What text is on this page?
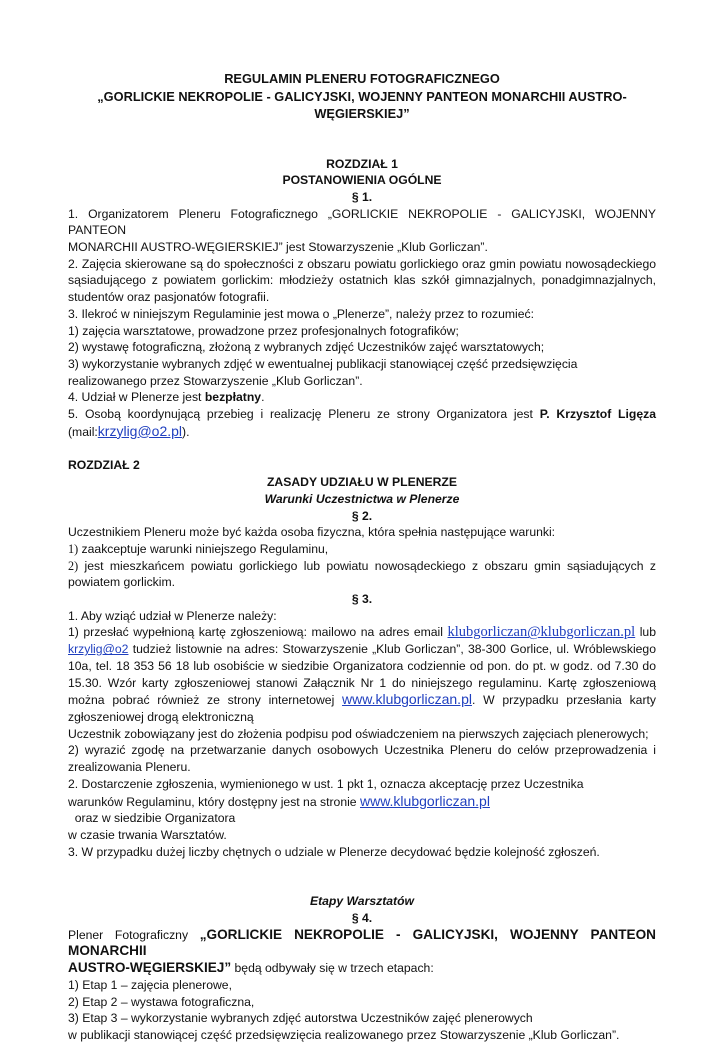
REGULAMIN PLENERU FOTOGRAFICZNEGO

„GORLICKIE NEKROPOLIE - GALICYJSKI, WOJENNY PANTEON MONARCHII AUSTRO-WĘGIERSKIEJ”

ROZDZIAŁ 1

POSTANOWIENIA OGÓLNE

§ 1.

1. Organizatorem Pleneru Fotograficznego „GORLICKIE NEKROPOLIE - GALICYJSKI, WOJENNY PANTEON

MONARCHII AUSTRO-WĘGIERSKIEJ” jest Stowarzyszenie „Klub Gorliczan”.

2. Zajęcia skierowane są do społeczności z obszaru powiatu gorlickiego oraz gmin powiatu nowosądeckiego

sąsiadującego z powiatem gorlickim: młodzieży ostatnich klas szkół gimnazjalnych, ponadgimnazjalnych,

studentów oraz pasjonatów fotografii.

3. Ilekroć w niniejszym Regulaminie jest mowa o „Plenerze”, należy przez to rozumieć:

1) zajęcia warsztatowe, prowadzone przez profesjonalnych fotografików;

2) wystawę fotograficzną, złożoną z wybranych zdjęć Uczestników zajęć warsztatowych;

3) wykorzystanie wybranych zdjęć w ewentualnej publikacji stanowiącej część przedsięwzięcia

realizowanego przez Stowarzyszenie „Klub Gorliczan”.

4. Udział w Plenerze jest bezpłatny.

5. Osobą koordynującą przebieg i realizację Pleneru ze strony Organizatora jest P. Krzysztof Ligęza

(mail:krzylig@o2.pl).

ROZDZIAŁ 2

ZASADY UDZIAŁU W PLENERZE

Warunki Uczestnictwa w Plenerze

§ 2.

Uczestnikiem Pleneru może być każda osoba fizyczna, która spełnia następujące warunki:

1) zaakceptuje warunki niniejszego Regulaminu,

2) jest mieszkańcem powiatu gorlickiego lub powiatu nowosądeckiego z obszaru gmin sąsiadujących z

powiatem gorlickim.

§ 3.

1. Aby wziąć udział w Plenerze należy:

1) przesłać wypełnioną kartę zgłoszeniową: mailowo na adres email klubgorliczan@klubgorliczan.pl lub

krzylig@o2 tudzież listownie na adres: Stowarzyszenie „Klub Gorliczan”, 38-300 Gorlice, ul. Wróblewskiego

10a, tel. 18 353 56 18 lub osobiście w siedzibie Organizatora codziennie od pon. do pt. w godz. od 7.30 do

15.30. Wzór karty zgłoszeniowej stanowi Załącznik Nr 1 do niniejszego regulaminu. Kartę zgłoszeniową

można pobrać również ze strony internetowej www.klubgorliczan.pl. W przypadku przesłania karty

zgłoszeniowej drogą elektroniczną

Uczestnik zobowiązany jest do złożenia podpisu pod oświadczeniem na pierwszych zajęciach plenerowych;

2) wyrazić zgodę na przetwarzanie danych osobowych Uczestnika Pleneru do celów przeprowadzenia i

zrealizowania Pleneru.

2. Dostarczenie zgłoszenia, wymienionego w ust. 1 pkt 1, oznacza akceptację przez Uczestnika

warunków Regulaminu, który dostępny jest na stronie www.klubgorliczan.pl  oraz w siedzibie Organizatora

w czasie trwania Warsztatów.

3. W przypadku dużej liczby chętnych o udziale w Plenerze decydować będzie kolejność zgłoszeń.

Etapy Warsztatów

§ 4.

Plener Fotograficzny „GORLICKIE NEKROPOLIE - GALICYJSKI, WOJENNY PANTEON MONARCHII

AUSTRO-WĘGIERSKIEJ” będą odbywały się w trzech etapach:

1) Etap 1 – zajęcia plenerowe,

2) Etap 2 – wystawa fotograficzna,

3) Etap 3 – wykorzystanie wybranych zdjęć autorstwa Uczestników zajęć plenerowych

w publikacji stanowiącej część przedsięwzięcia realizowanego przez Stowarzyszenie „Klub Gorliczan”.
